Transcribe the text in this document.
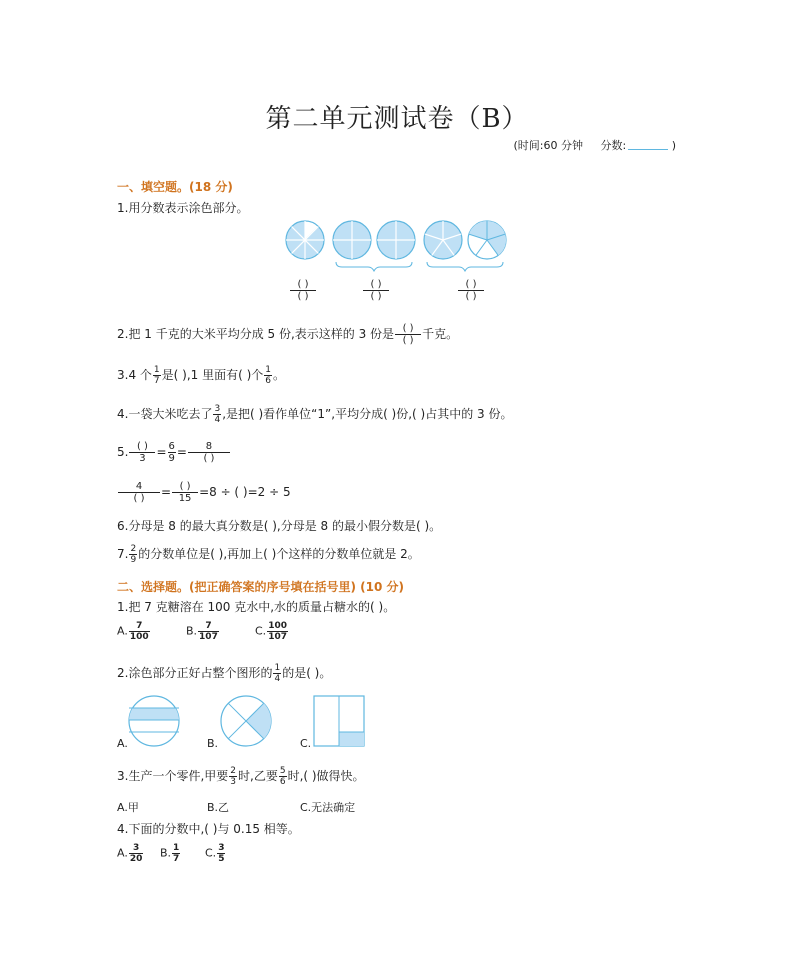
第二单元测试卷（B）
(时间:60 分钟 分数:	)
一、填空题。(18 分)
1.用分数表示涂色部分。
$\frac{( )}{( )}$	$\frac{( )}{( )}$	$\frac{( )}{( )}$
2.把 1 千克的大米平均分成 5 份,表示这样的 3 份是 $\frac{( )}{( )}$ 千克。
3.4 个 $\frac{1}{7}$ 是( ),1 里面有( )个 $\frac{1}{6}$ 。
4.一袋大米吃去了 $\frac{3}{4}$ ,是把( )看作单位“1”,平均分成( )份,( )占其中的 3 份。
5. $\frac{( )}{3} = \frac{6}{9} = \frac{8}{( )}$
$\frac{4}{( )} = \frac{( )}{15} =8$ ÷ ( )=2 ÷ 5
6.分母是 8 的最大真分数是( ),分母是 8 的最小假分数是( )。
7. $\frac{2}{9}$ 的分数单位是( ),再加上( )个这样的分数单位就是 2。
二、选择题。(把正确答案的序号填在括号里) (10 分)
1.把 7 克糖溶在 100 克水中,水的质量占糖水的( )。
A. $\frac{7}{100}$	B. $\frac{7}{107}$	C. $\frac{100}{107}$
2.涂色部分正好占整个图形的 $\frac{1}{4}$ 的是( )。
A.	B.	C.
3.生产一个零件,甲要 $\frac{2}{3}$ 时,乙要 $\frac{5}{6}$ 时,( )做得快。
A.甲	B.乙	C.无法确定
4.下面的分数中,( )与 0.15 相等。
A. $\frac{3}{20} B$. $\frac{1}{7} C$. $\frac{3}{5}$
